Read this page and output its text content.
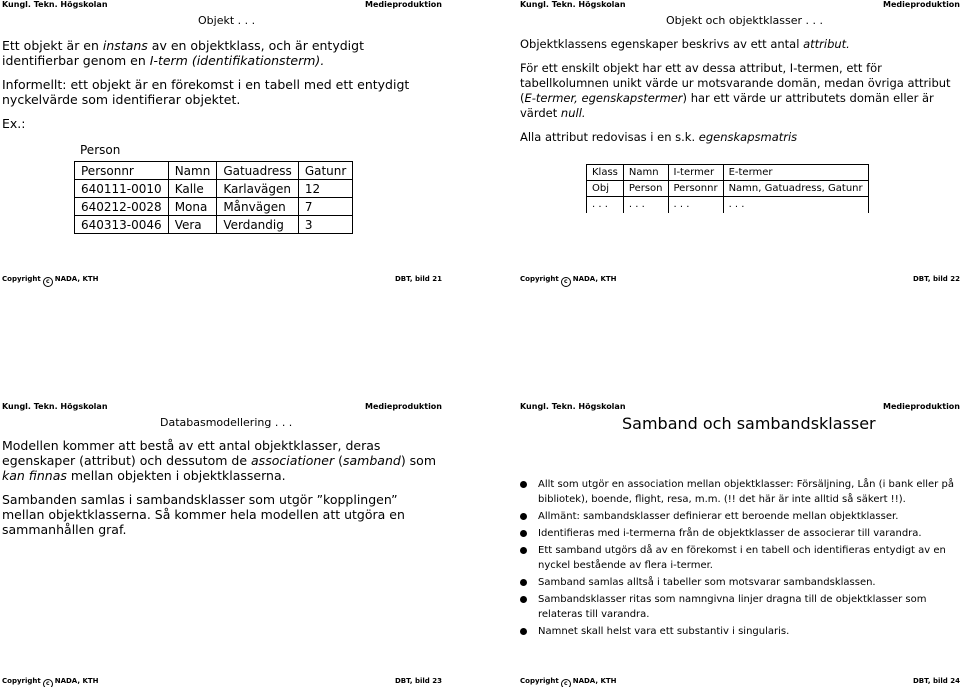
Kungl. Tekn. Högskolan	Medieproduktion
Objekt . . .

Ett objekt är en instans av en objektklass, och är entydigt identifierbar genom en I-term (identifikationsterm).

Informellt: ett objekt är en förekomst i en tabell med ett entydigt nyckelvärde som identifierar objektet.

Ex.:

Person
Personnr	Namn	Gatuadress	Gatunr
640111-0010	Kalle	Karlavägen	12
640212-0028	Mona	Månvägen	7
640313-0046	Vera	Verdandig	3
Copyright c NADA, KTH	DBT, bild 21
Kungl. Tekn. Högskolan	Medieproduktion
Objekt och objektklasser . . .

Objektklassens egenskaper beskrivs av ett antal attribut.

För ett enskilt objekt har ett av dessa attribut, I-termen, ett för tabellkolumnen unikt värde ur motsvarande domän, medan övriga attribut (E-termer, egenskapstermer) har ett värde ur attributets domän eller är värdet null.

Alla attribut redovisas i en s.k. egenskapsmatris

Klass	Namn	I-termer	E-termer
Obj	Person	Personnr	Namn, Gatuadress, Gatunr
. . .	. . .	. . .	. . .
Copyright c NADA, KTH	DBT, bild 22
Kungl. Tekn. Högskolan	Medieproduktion
Databasmodellering . . .

Modellen kommer att bestå av ett antal objektklasser, deras egenskaper (attribut) och dessutom de associationer (samband) som kan finnas mellan objekten i objektklasserna.

Sambanden samlas i sambandsklasser som utgör ”kopplingen” mellan objektklasserna. Så kommer hela modellen att utgöra en sammanhållen graf.

Copyright c NADA, KTH	DBT, bild 23
Kungl. Tekn. Högskolan	Medieproduktion
Samband och sambandsklasser
Allt som utgör en association mellan objektklasser: Försäljning, Lån (i bank eller på bibliotek), boende, flight, resa, m.m. (!! det här är inte alltid så säkert !!).
Allmänt: sambandsklasser definierar ett beroende mellan objektklasser.
Identifieras med i-termerna från de objektklasser de associerar till varandra.
Ett samband utgörs då av en förekomst i en tabell och identifieras entydigt av en nyckel bestående av flera i-termer.
Samband samlas alltså i tabeller som motsvarar sambandsklassen.
Sambandsklasser ritas som namngivna linjer dragna till de objektklasser som relateras till varandra.
Namnet skall helst vara ett substantiv i singularis.
Copyright c NADA, KTH	DBT, bild 24
